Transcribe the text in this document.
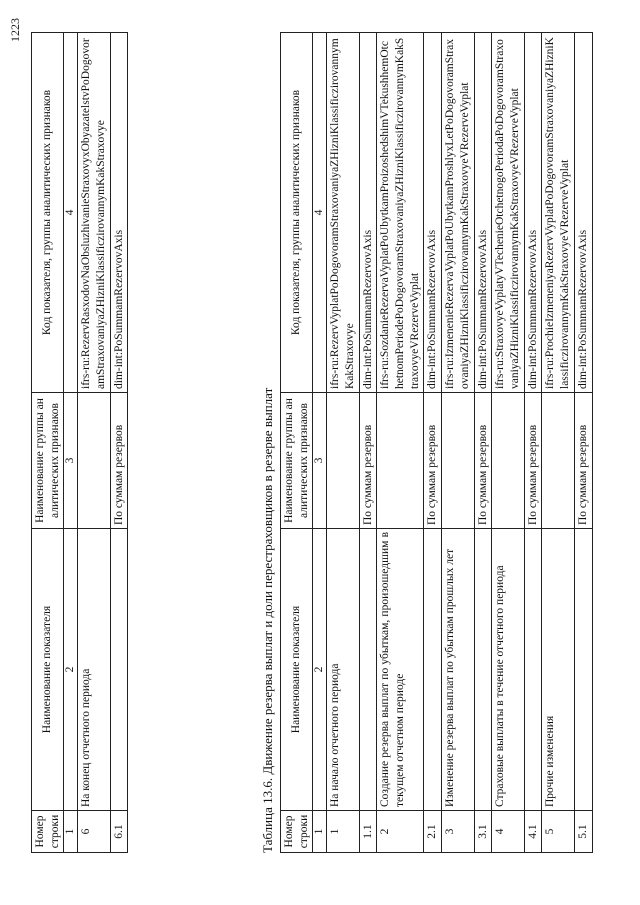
1223
Номер строки	Наименование показателя	Наименование группы аналитических признаков	Код показателя, группы аналитических признаков
1	2	3	4
6	На конец отчетного периода		ifrs-ru:RezervRasxodovNaObsluzhivanieStraxovyxObyazatelstvPoDogovoramStraxovaniyaZHizniKlassificzirovannymKakStraxovye
6.1		По суммам резервов	dim-int:PoSummamRezervovAxis
Таблица 13.6. Движение резерва выплат и доли перестраховщиков в резерве выплат Номер строки	Наименование показателя	Наименование группы аналитических признаков	Код показателя, группы аналитических признаков
1	2	3	4
1	На начало отчетного периода		ifrs-ru:RezervVyplatPoDogovoramStraxovaniyaZHizniKlassificzirovannymKakStraxovye
1.1		По суммам резервов	dim-int:PoSummamRezervovAxis
2	Создание резерва выплат по убыткам, произошедшим в текущем отчетном периоде		ifrs-ru:SozdanieRezervaVyplatPoUbytkamProizoshedshimVTekushhemOtchetnomPeriodePoDogovoramStraxovaniyaZHizniKlassificzirovannymKakStraxovyeVRezerveVyplat
2.1		По суммам резервов	dim-int:PoSummamRezervovAxis
3	Изменение резерва выплат по убыткам прошлых лет		ifrs-ru:IzmenenieRezervaVyplatPoUbytkamProshlyxLetPoDogovoramStraxovaniyaZHizniKlassificzirovannymKakStraxovyeVRezerveVyplat
3.1		По суммам резервов	dim-int:PoSummamRezervovAxis
4	Страховые выплаты в течение отчетного периода		ifrs-ru:StraxovyeVyplatyVTechenieOtchetnogoPeriodaPoDogovoramStraxovaniyaZHizniKlassificzirovannymKakStraxovyeVRezerveVyplat
4.1		По суммам резервов	dim-int:PoSummamRezervovAxis
5	Прочие изменения		ifrs-ru:ProchieIzmeneniyaRezervVyplatPoDogovoramStraxovaniyaZHizniKlassificzirovannymKakStraxovyeVRezerveVyplat
5.1		По суммам резервов	dim-int:PoSummamRezervovAxis
